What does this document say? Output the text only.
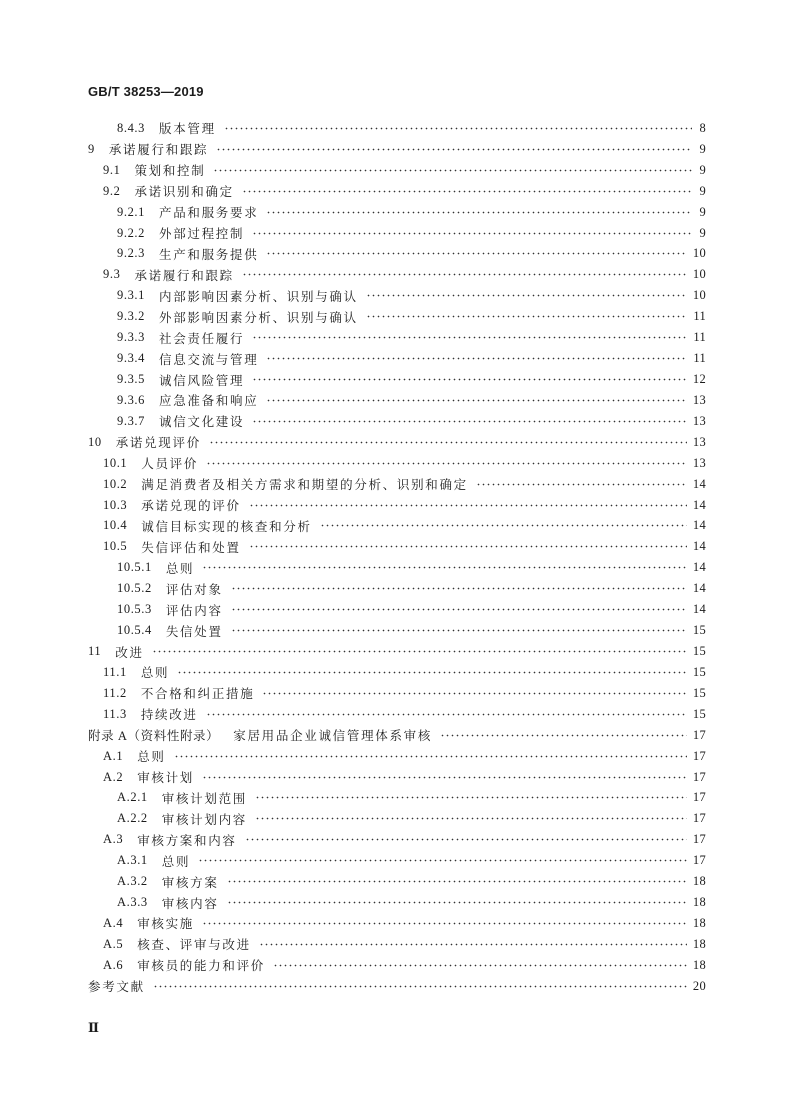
GB/T 38253—2019
8.4.3 版本管理	8
9 承诺履行和跟踪	9
9.1 策划和控制	9
9.2 承诺识别和确定	9
9.2.1 产品和服务要求	9
9.2.2 外部过程控制	9
9.2.3 生产和服务提供	10
9.3 承诺履行和跟踪	10
9.3.1 内部影响因素分析、识别与确认	10
9.3.2 外部影响因素分析、识别与确认	11
9.3.3 社会责任履行	11
9.3.4 信息交流与管理	11
9.3.5 诚信风险管理	12
9.3.6 应急准备和响应	13
9.3.7 诚信文化建设	13
10 承诺兑现评价	13
10.1 人员评价	13
10.2 满足消费者及相关方需求和期望的分析、识别和确定	14
10.3 承诺兑现的评价	14
10.4 诚信目标实现的核查和分析	14
10.5 失信评估和处置	14
10.5.1 总则	14
10.5.2 评估对象	14
10.5.3 评估内容	14
10.5.4 失信处置	15
11 改进	15
11.1 总则	15
11.2 不合格和纠正措施	15
11.3 持续改进	15
附录 A（资料性附录） 家居用品企业诚信管理体系审核	17
A.1 总则	17
A.2 审核计划	17
A.2.1 审核计划范围	17
A.2.2 审核计划内容	17
A.3 审核方案和内容	17
A.3.1 总则	17
A.3.2 审核方案	18
A.3.3 审核内容	18
A.4 审核实施	18
A.5 核查、评审与改进	18
A.6 审核员的能力和评价	18
参考文献	20
Ⅱ
